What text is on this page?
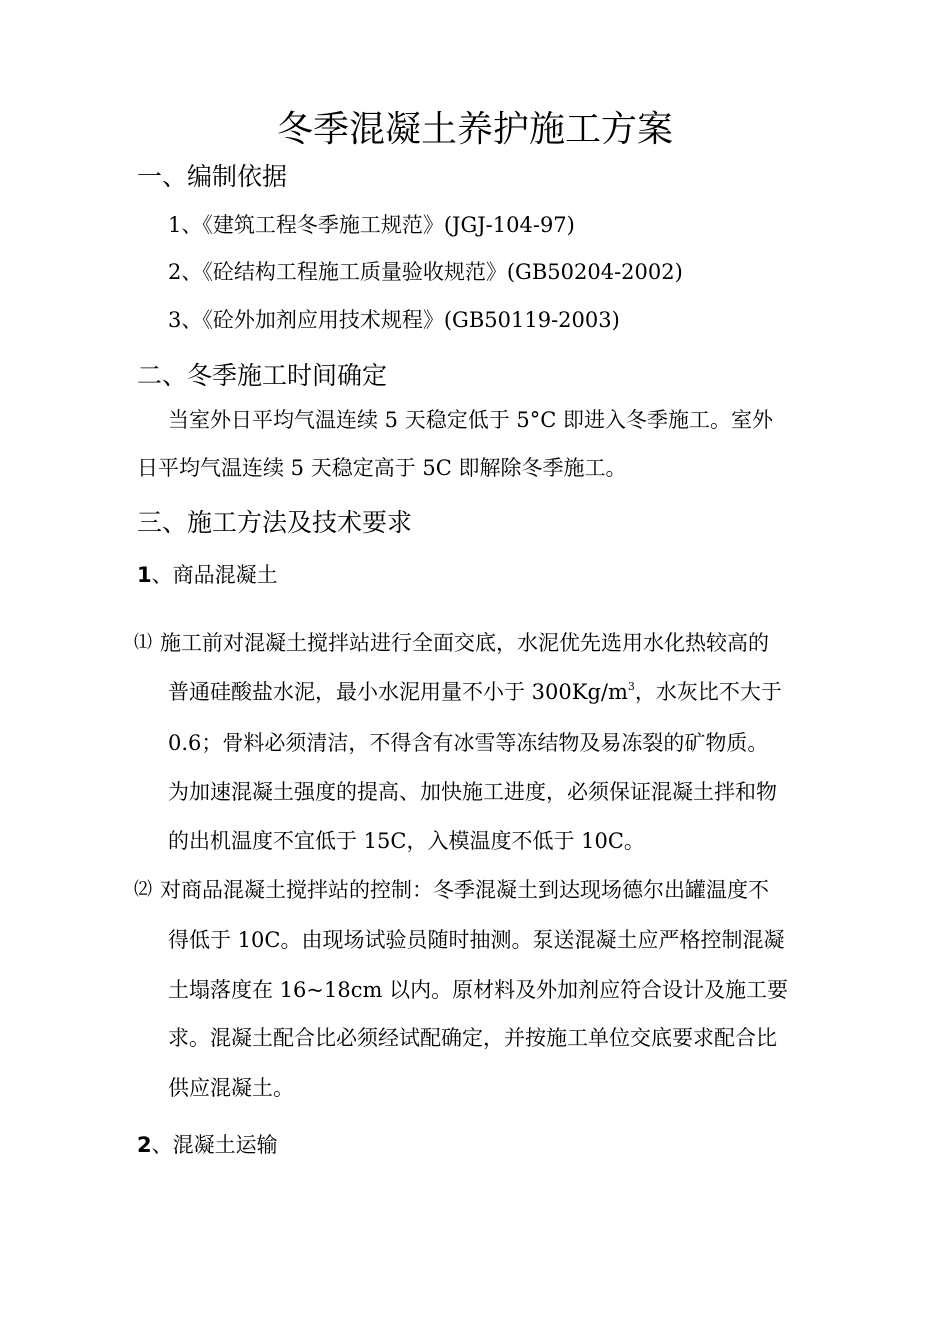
冬季混凝土养护施工方案
一、编制依据
1、《建筑工程冬季施工规范》(JGJ-104-97)
2、《砼结构工程施工质量验收规范》(GB50204-2002)
3、《砼外加剂应用技术规程》(GB50119-2003)
二、冬季施工时间确定
当室外日平均气温连续 5 天稳定低于 5°C 即进入冬季施工。室外
日平均气温连续 5 天稳定高于 5C 即解除冬季施工。
三、施工方法及技术要求
1、商品混凝土
⑴ 施工前对混凝土搅拌站进行全面交底，水泥优先选用水化热较高的
普通硅酸盐水泥，最小水泥用量不小于 $300Kg/m^3$，水灰比不大于
0.6；骨料必须清洁，不得含有冰雪等冻结物及易冻裂的矿物质。
为加速混凝土强度的提高、加快施工进度，必须保证混凝土拌和物
的出机温度不宜低于 15C，入模温度不低于 10C。
⑵ 对商品混凝土搅拌站的控制：冬季混凝土到达现场德尔出罐温度不
得低于 10C。由现场试验员随时抽测。泵送混凝土应严格控制混凝
土塌落度在 16~18cm 以内。原材料及外加剂应符合设计及施工要
求。混凝土配合比必须经试配确定，并按施工单位交底要求配合比
供应混凝土。
2、混凝土运输
